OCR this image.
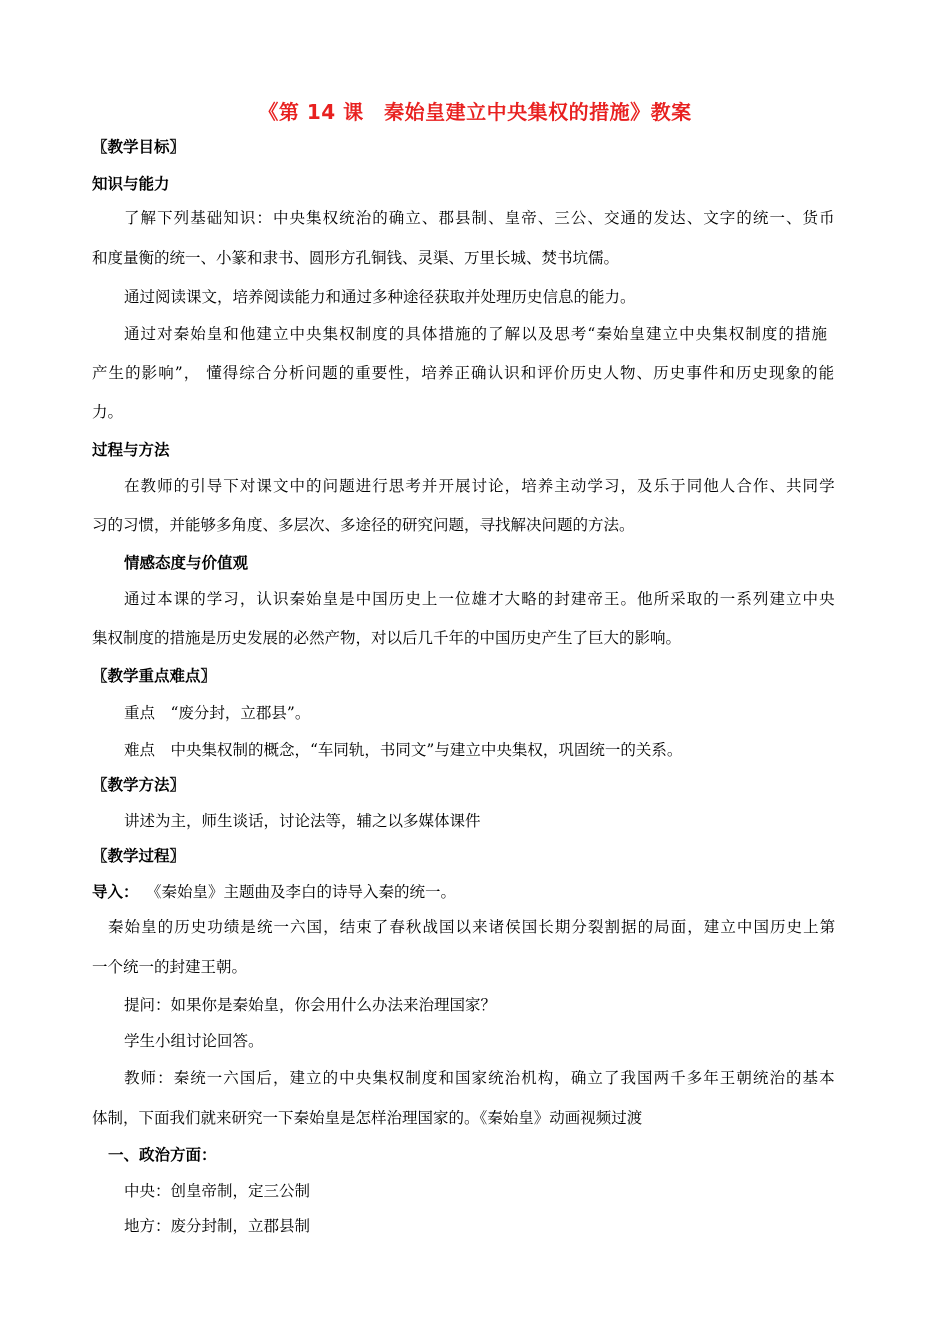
《第 14 课　秦始皇建立中央集权的措施》教案
〖教学目标〗
知识与能力
了解下列基础知识：中央集权统治的确立、郡县制、皇帝、三公、交通的发达、文字的统一、货币
和度量衡的统一、小篆和隶书、圆形方孔铜钱、灵渠、万里长城、焚书坑儒。
通过阅读课文，培养阅读能力和通过多种途径获取并处理历史信息的能力。
通过对秦始皇和他建立中央集权制度的具体措施的了解以及思考“秦始皇建立中央集权制度的措施
产生的影响”， 懂得综合分析问题的重要性，培养正确认识和评价历史人物、历史事件和历史现象的能
力。
过程与方法
在教师的引导下对课文中的问题进行思考并开展讨论，培养主动学习，及乐于同他人合作、共同学
习的习惯，并能够多角度、多层次、多途径的研究问题，寻找解决问题的方法。
情感态度与价值观
通过本课的学习，认识秦始皇是中国历史上一位雄才大略的封建帝王。他所采取的一系列建立中央
集权制度的措施是历史发展的必然产物，对以后几千年的中国历史产生了巨大的影响。
〖教学重点难点〗
重点　“废分封，立郡县”。
难点　中央集权制的概念，“车同轨，书同文”与建立中央集权，巩固统一的关系。
〖教学方法〗
讲述为主，师生谈话，讨论法等，辅之以多媒体课件
〖教学过程〗
导入： 《秦始皇》主题曲及李白的诗导入秦的统一。
秦始皇的历史功绩是统一六国，结束了春秋战国以来诸侯国长期分裂割据的局面，建立中国历史上第
一个统一的封建王朝。
提问：如果你是秦始皇，你会用什么办法来治理国家？
学生小组讨论回答。
教师：秦统一六国后，建立的中央集权制度和国家统治机构，确立了我国两千多年王朝统治的基本
体制，下面我们就来研究一下秦始皇是怎样治理国家的。《秦始皇》动画视频过渡
一、政治方面：
中央：创皇帝制，定三公制
地方：废分封制，立郡县制
